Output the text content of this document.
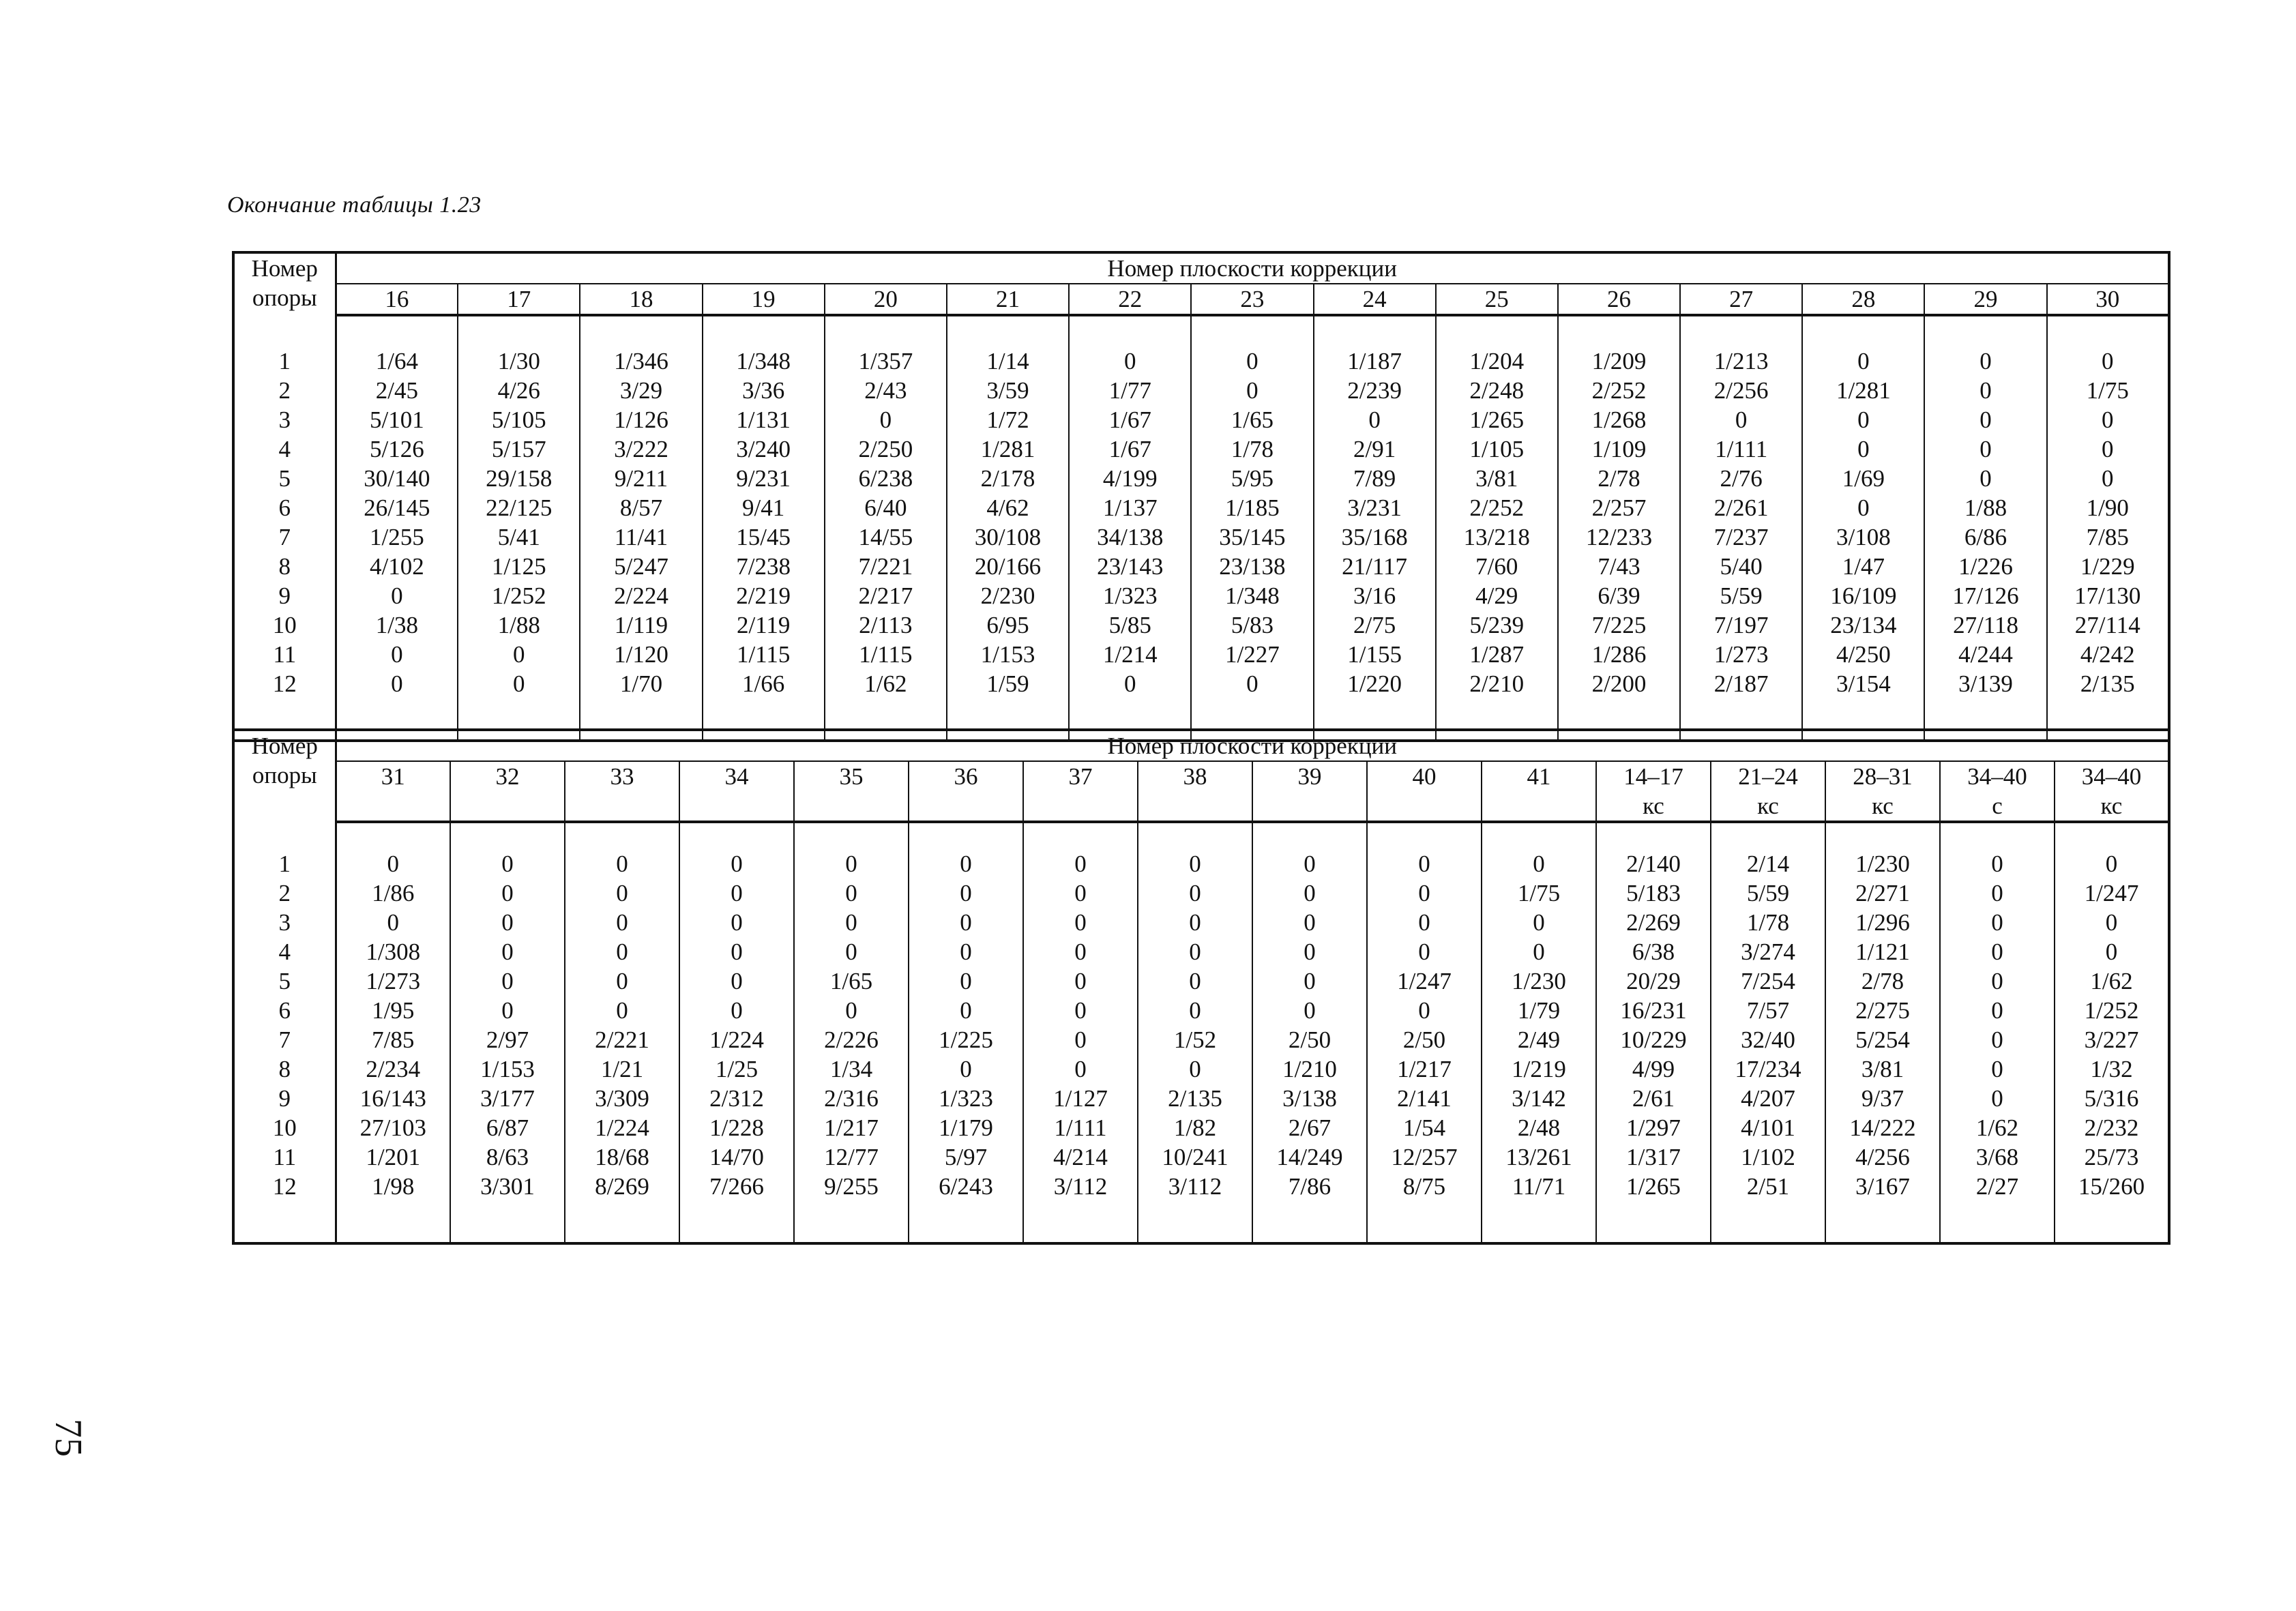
Окончание таблицы 1.23
Номер
опоры	Номер плоскости коррекции														
	16	17	18	19	20	21	22	23	24	25	26	27	28	29	30

1	1/64	1/30	1/346	1/348	1/357	1/14	0	0	1/187	1/204	1/209	1/213	0	0	0
2	2/45	4/26	3/29	3/36	2/43	3/59	1/77	0	2/239	2/248	2/252	2/256	1/281	0	1/75
3	5/101	5/105	1/126	1/131	0	1/72	1/67	1/65	0	1/265	1/268	0	0	0	0
4	5/126	5/157	3/222	3/240	2/250	1/281	1/67	1/78	2/91	1/105	1/109	1/111	0	0	0
5	30/140	29/158	9/211	9/231	6/238	2/178	4/199	5/95	7/89	3/81	2/78	2/76	1/69	0	0
6	26/145	22/125	8/57	9/41	6/40	4/62	1/137	1/185	3/231	2/252	2/257	2/261	0	1/88	1/90
7	1/255	5/41	11/41	15/45	14/55	30/108	34/138	35/145	35/168	13/218	12/233	7/237	3/108	6/86	7/85
8	4/102	1/125	5/247	7/238	7/221	20/166	23/143	23/138	21/117	7/60	7/43	5/40	1/47	1/226	1/229
9	0	1/252	2/224	2/219	2/217	2/230	1/323	1/348	3/16	4/29	6/39	5/59	16/109	17/126	17/130
10	1/38	1/88	1/119	2/119	2/113	6/95	5/85	5/83	2/75	5/239	7/225	7/197	23/134	27/118	27/114
11	0	0	1/120	1/115	1/115	1/153	1/214	1/227	1/155	1/287	1/286	1/273	4/250	4/244	4/242
12	0	0	1/70	1/66	1/62	1/59	0	0	1/220	2/210	2/200	2/187	3/154	3/139	2/135

Номер
опоры	Номер плоскости коррекции															
	31	32	33	34	35	36	37	38	39	40	41	14–17	21–24	28–31	34–40	34–40
												кс	кс	кс	с	кс

1	0	0	0	0	0	0	0	0	0	0	0	2/140	2/14	1/230	0	0
2	1/86	0	0	0	0	0	0	0	0	0	1/75	5/183	5/59	2/271	0	1/247
3	0	0	0	0	0	0	0	0	0	0	0	2/269	1/78	1/296	0	0
4	1/308	0	0	0	0	0	0	0	0	0	0	6/38	3/274	1/121	0	0
5	1/273	0	0	0	1/65	0	0	0	0	1/247	1/230	20/29	7/254	2/78	0	1/62
6	1/95	0	0	0	0	0	0	0	0	0	1/79	16/231	7/57	2/275	0	1/252
7	7/85	2/97	2/221	1/224	2/226	1/225	0	1/52	2/50	2/50	2/49	10/229	32/40	5/254	0	3/227
8	2/234	1/153	1/21	1/25	1/34	0	0	0	1/210	1/217	1/219	4/99	17/234	3/81	0	1/32
9	16/143	3/177	3/309	2/312	2/316	1/323	1/127	2/135	3/138	2/141	3/142	2/61	4/207	9/37	0	5/316
10	27/103	6/87	1/224	1/228	1/217	1/179	1/111	1/82	2/67	1/54	2/48	1/297	4/101	14/222	1/62	2/232
11	1/201	8/63	18/68	14/70	12/77	5/97	4/214	10/241	14/249	12/257	13/261	1/317	1/102	4/256	3/68	25/73
12	1/98	3/301	8/269	7/266	9/255	6/243	3/112	3/112	7/86	8/75	11/71	1/265	2/51	3/167	2/27	15/260

75
